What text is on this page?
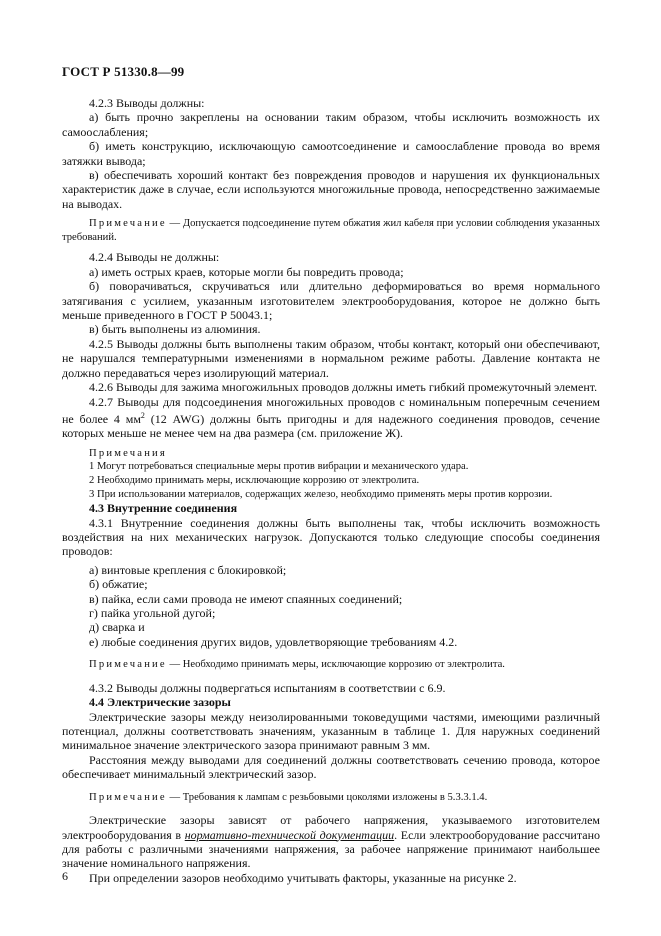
ГОСТ Р 51330.8—99

4.2.3 Выводы должны:

а) быть прочно закреплены на основании таким образом, чтобы исключить возможность их самоослабления;

б) иметь конструкцию, исключающую самоотсоединение и самоослабление провода во время затяжки вывода;

в) обеспечивать хороший контакт без повреждения проводов и нарушения их функциональных характеристик даже в случае, если используются многожильные провода, непосредственно зажимаемые на выводах.

Примечание — Допускается подсоединение путем обжатия жил кабеля при условии соблюдения указанных требований.

4.2.4 Выводы не должны:

а) иметь острых краев, которые могли бы повредить провода;

б) поворачиваться, скручиваться или длительно деформироваться во время нормального затягивания с усилием, указанным изготовителем электрооборудования, которое не должно быть меньше приведенного в ГОСТ Р 50043.1;

в) быть выполнены из алюминия.

4.2.5 Выводы должны быть выполнены таким образом, чтобы контакт, который они обеспечивают, не нарушался температурными изменениями в нормальном режиме работы. Давление контакта не должно передаваться через изолирующий материал.

4.2.6 Выводы для зажима многожильных проводов должны иметь гибкий промежуточный элемент.

4.2.7 Выводы для подсоединения многожильных проводов с номинальным поперечным сечением не более 4 $мм^2$ (12 AWG) должны быть пригодны и для надежного соединения проводов, сечение которых меньше не менее чем на два размера (см. приложение Ж).

Примечания

1 Могут потребоваться специальные меры против вибрации и механического удара.

2 Необходимо принимать меры, исключающие коррозию от электролита.

3 При использовании материалов, содержащих железо, необходимо применять меры против коррозии.

4.3 Внутренние соединения

4.3.1 Внутренние соединения должны быть выполнены так, чтобы исключить возможность воздействия на них механических нагрузок. Допускаются только следующие способы соединения проводов:

а) винтовые крепления с блокировкой;

б) обжатие;

в) пайка, если сами провода не имеют спаянных соединений;

г) пайка угольной дугой;

д) сварка и

е) любые соединения других видов, удовлетворяющие требованиям 4.2.

Примечание — Необходимо принимать меры, исключающие коррозию от электролита.

4.3.2 Выводы должны подвергаться испытаниям в соответствии с 6.9.

4.4 Электрические зазоры

Электрические зазоры между неизолированными токоведущими частями, имеющими различный потенциал, должны соответствовать значениям, указанным в таблице 1. Для наружных соединений минимальное значение электрического зазора принимают равным 3 мм.

Расстояния между выводами для соединений должны соответствовать сечению провода, которое обеспечивает минимальный электрический зазор.

Примечание — Требования к лампам с резьбовыми цоколями изложены в 5.3.3.1.4.

Электрические зазоры зависят от рабочего напряжения, указываемого изготовителем электрооборудования в нормативно-технической документации. Если электрооборудование рассчитано для работы с различными значениями напряжения, за рабочее напряжение принимают наибольшее значение номинального напряжения.

При определении зазоров необходимо учитывать факторы, указанные на рисунке 2.

6
